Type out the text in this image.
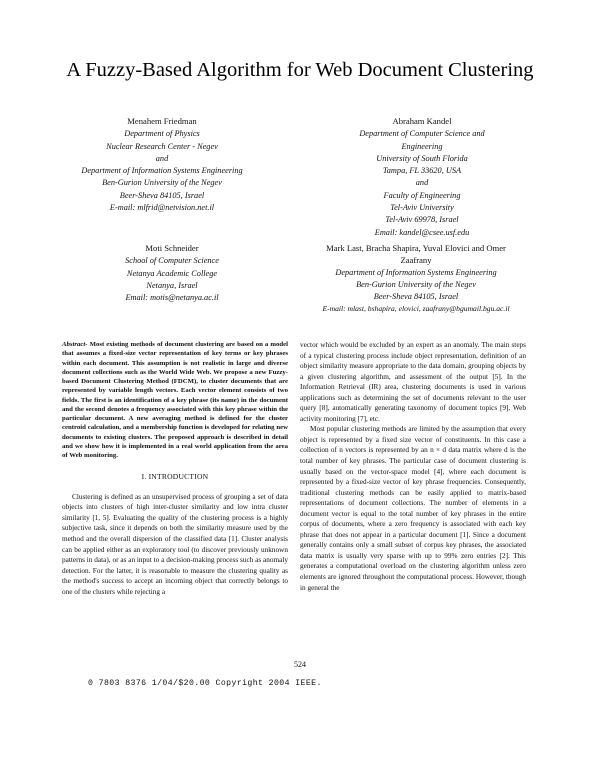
A Fuzzy-Based Algorithm for Web Document Clustering
Menahem Friedman
Department of Physics
Nuclear Research Center - Negev
and
Department of Information Systems Engineering
Ben-Gurion University of the Negev
Beer-Sheva 84105, Israel
E-mail: mlfrid@netvision.net.il
Abraham Kandel
Department of Computer Science and
Engineering
University of South Florida
Tampa, FL 33620, USA
and
Faculty of Engineering
Tel-Aviv University
Tel-Aviv 69978, Israel
Email: kandel@csee.usf.edu
Moti Schneider
School of Computer Science
Netanya Academic College
Netanya, Israel
Email: motis@netanya.ac.il
Mark Last, Bracha Shapira, Yuval Elovici and Omer Zaafrany
Department of Information Systems Engineering
Ben-Gurion University of the Negev
Beer-Sheva 84105, Israel
E-mail: mlast, bshapira, elovici, zaafrany@bgumail.bgu.ac.il

Abstract- Most existing methods of document clustering are based on a model that assumes a fixed-size vector representation of key terms or key phrases within each document. This assumption is not realistic in large and diverse document collections such as the World Wide Web. We propose a new Fuzzy-based Document Clustering Method (FDCM), to cluster documents that are represented by variable length vectors. Each vector element consists of two fields. The first is an identification of a key phrase (its name) in the document and the second denotes a frequency associated with this key phrase within the particular document. A new averaging method is defined for the cluster centroid calculation, and a membership function is developed for relating new documents to existing clusters. The proposed approach is described in detail and we show how it is implemented in a real world application from the area of Web monitoring.

I. INTRODUCTION

Clustering is defined as an unsupervised process of grouping a set of data objects into clusters of high inter-cluster similarity and low intra cluster similarity [1, 5]. Evaluating the quality of the clustering process is a highly subjective task, since it depends on both the similarity measure used by the method and the overall dispersion of the classified data [1]. Cluster analysis can be applied either as an exploratory tool (to discover previously unknown patterns in data), or as an input to a decision-making process such as anomaly detection. For the latter, it is reasonable to measure the clustering quality as the method's success to accept an incoming object that correctly belongs to one of the clusters while rejecting a

vector which would be excluded by an expert as an anomaly. The main steps of a typical clustering process include object representation, definition of an object similarity measure appropriate to the data domain, grouping objects by a given clustering algorithm, and assessment of the output [5]. In the Information Retrieval (IR) area, clustering documents is used in various applications such as determining the set of documents relevant to the user query [8], automatically generating taxonomy of document topics [9], Web activity monitoring [7], etc.

Most popular clustering methods are limited by the assumption that every object is represented by a fixed size vector of constituents. In this case a collection of n vectors is represented by an n × d data matrix where d is the total number of key phrases. The particular case of document clustering is usually based on the vector-space model [4], where each document is represented by a fixed-size vector of key phrase frequencies. Consequently, traditional clustering methods can be easily applied to matrix-based representations of document collections. The number of elements in a document vector is equal to the total number of key phrases in the entire corpus of documents, where a zero frequency is associated with each key phrase that does not appear in a particular document [1]. Since a document generally contains only a small subset of corpus key phrases, the associated data matrix is usually very sparse with up to 99% zero entries [2]. This generates a computational overload on the clustering algorithm unless zero elements are ignored throughout the computational process. However, though in general the

524
0 7803 8376 1/04/$20.00 Copyright 2004 IEEE.
